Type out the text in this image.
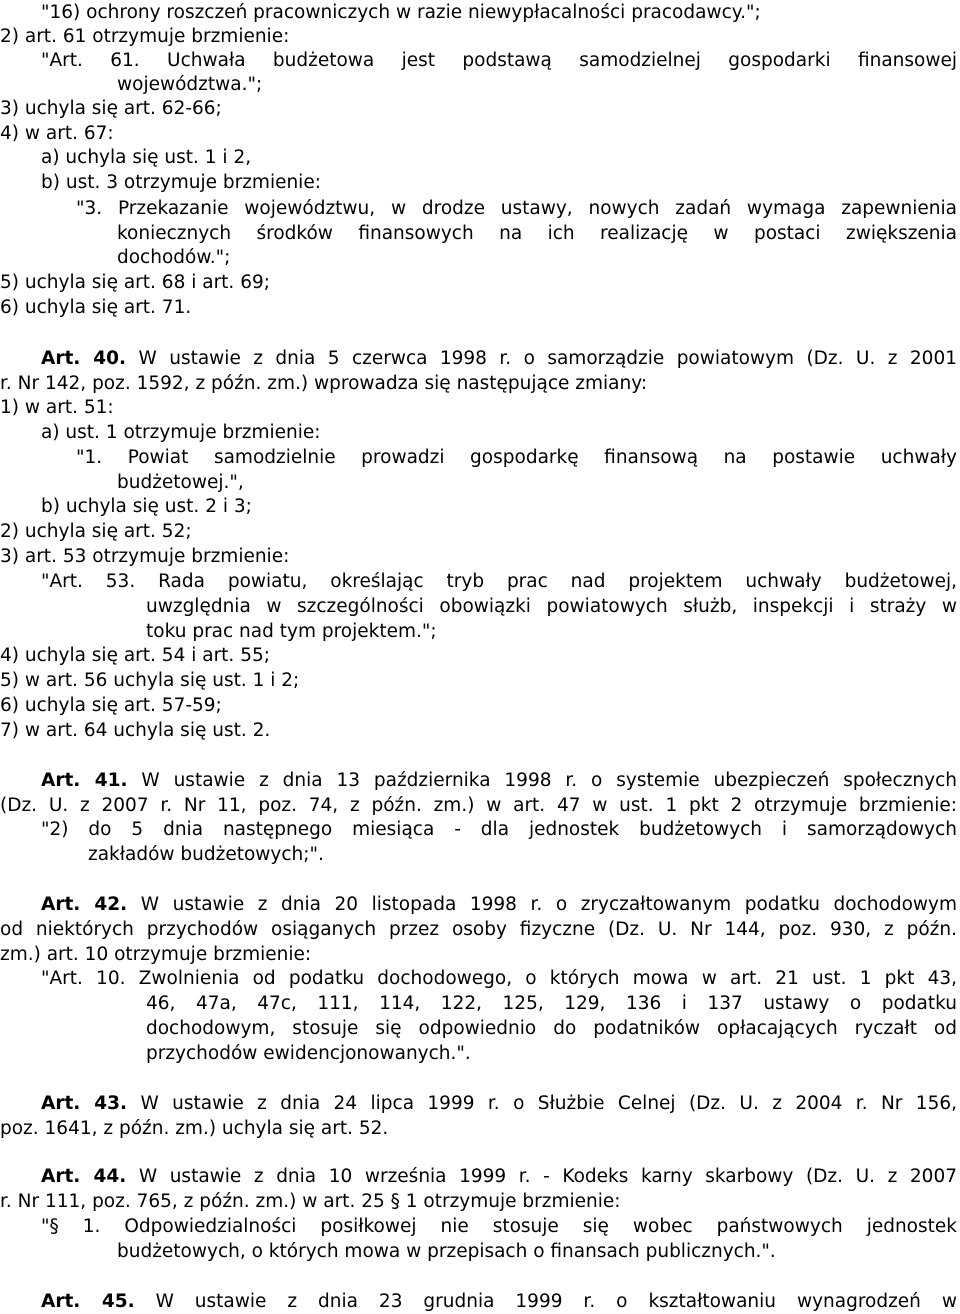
"16) ochrony roszczeń pracowniczych w razie niewypłacalności pracodawcy.";
2) art. 61 otrzymuje brzmienie:
"Art. 61. Uchwała budżetowa jest podstawą samodzielnej gospodarki finansowej
województwa.";
3) uchyla się art. 62-66;
4) w art. 67:
a) uchyla się ust. 1 i 2,
b) ust. 3 otrzymuje brzmienie:
"3. Przekazanie województwu, w drodze ustawy, nowych zadań wymaga zapewnienia
koniecznych środków finansowych na ich realizację w postaci zwiększenia
dochodów.";
5) uchyla się art. 68 i art. 69;
6) uchyla się art. 71.
Art. 40. W ustawie z dnia 5 czerwca 1998 r. o samorządzie powiatowym (Dz. U. z 2001
r. Nr 142, poz. 1592, z późn. zm.) wprowadza się następujące zmiany:
1) w art. 51:
a) ust. 1 otrzymuje brzmienie:
"1. Powiat samodzielnie prowadzi gospodarkę finansową na postawie uchwały
budżetowej.",
b) uchyla się ust. 2 i 3;
2) uchyla się art. 52;
3) art. 53 otrzymuje brzmienie:
"Art. 53. Rada powiatu, określając tryb prac nad projektem uchwały budżetowej,
uwzględnia w szczególności obowiązki powiatowych służb, inspekcji i straży w
toku prac nad tym projektem.";
4) uchyla się art. 54 i art. 55;
5) w art. 56 uchyla się ust. 1 i 2;
6) uchyla się art. 57-59;
7) w art. 64 uchyla się ust. 2.
Art. 41. W ustawie z dnia 13 października 1998 r. o systemie ubezpieczeń społecznych
(Dz. U. z 2007 r. Nr 11, poz. 74, z późn. zm.) w art. 47 w ust. 1 pkt 2 otrzymuje brzmienie:
"2) do 5 dnia następnego miesiąca - dla jednostek budżetowych i samorządowych
zakładów budżetowych;".
Art. 42. W ustawie z dnia 20 listopada 1998 r. o zryczałtowanym podatku dochodowym
od niektórych przychodów osiąganych przez osoby fizyczne (Dz. U. Nr 144, poz. 930, z późn.
zm.) art. 10 otrzymuje brzmienie:
"Art. 10. Zwolnienia od podatku dochodowego, o których mowa w art. 21 ust. 1 pkt 43,
46, 47a, 47c, 111, 114, 122, 125, 129, 136 i 137 ustawy o podatku
dochodowym, stosuje się odpowiednio do podatników opłacających ryczałt od
przychodów ewidencjonowanych.".
Art. 43. W ustawie z dnia 24 lipca 1999 r. o Służbie Celnej (Dz. U. z 2004 r. Nr 156,
poz. 1641, z późn. zm.) uchyla się art. 52.
Art. 44. W ustawie z dnia 10 września 1999 r. - Kodeks karny skarbowy (Dz. U. z 2007
r. Nr 111, poz. 765, z późn. zm.) w art. 25 § 1 otrzymuje brzmienie:
"§ 1. Odpowiedzialności posiłkowej nie stosuje się wobec państwowych jednostek
budżetowych, o których mowa w przepisach o finansach publicznych.".
Art. 45. W ustawie z dnia 23 grudnia 1999 r. o kształtowaniu wynagrodzeń w
